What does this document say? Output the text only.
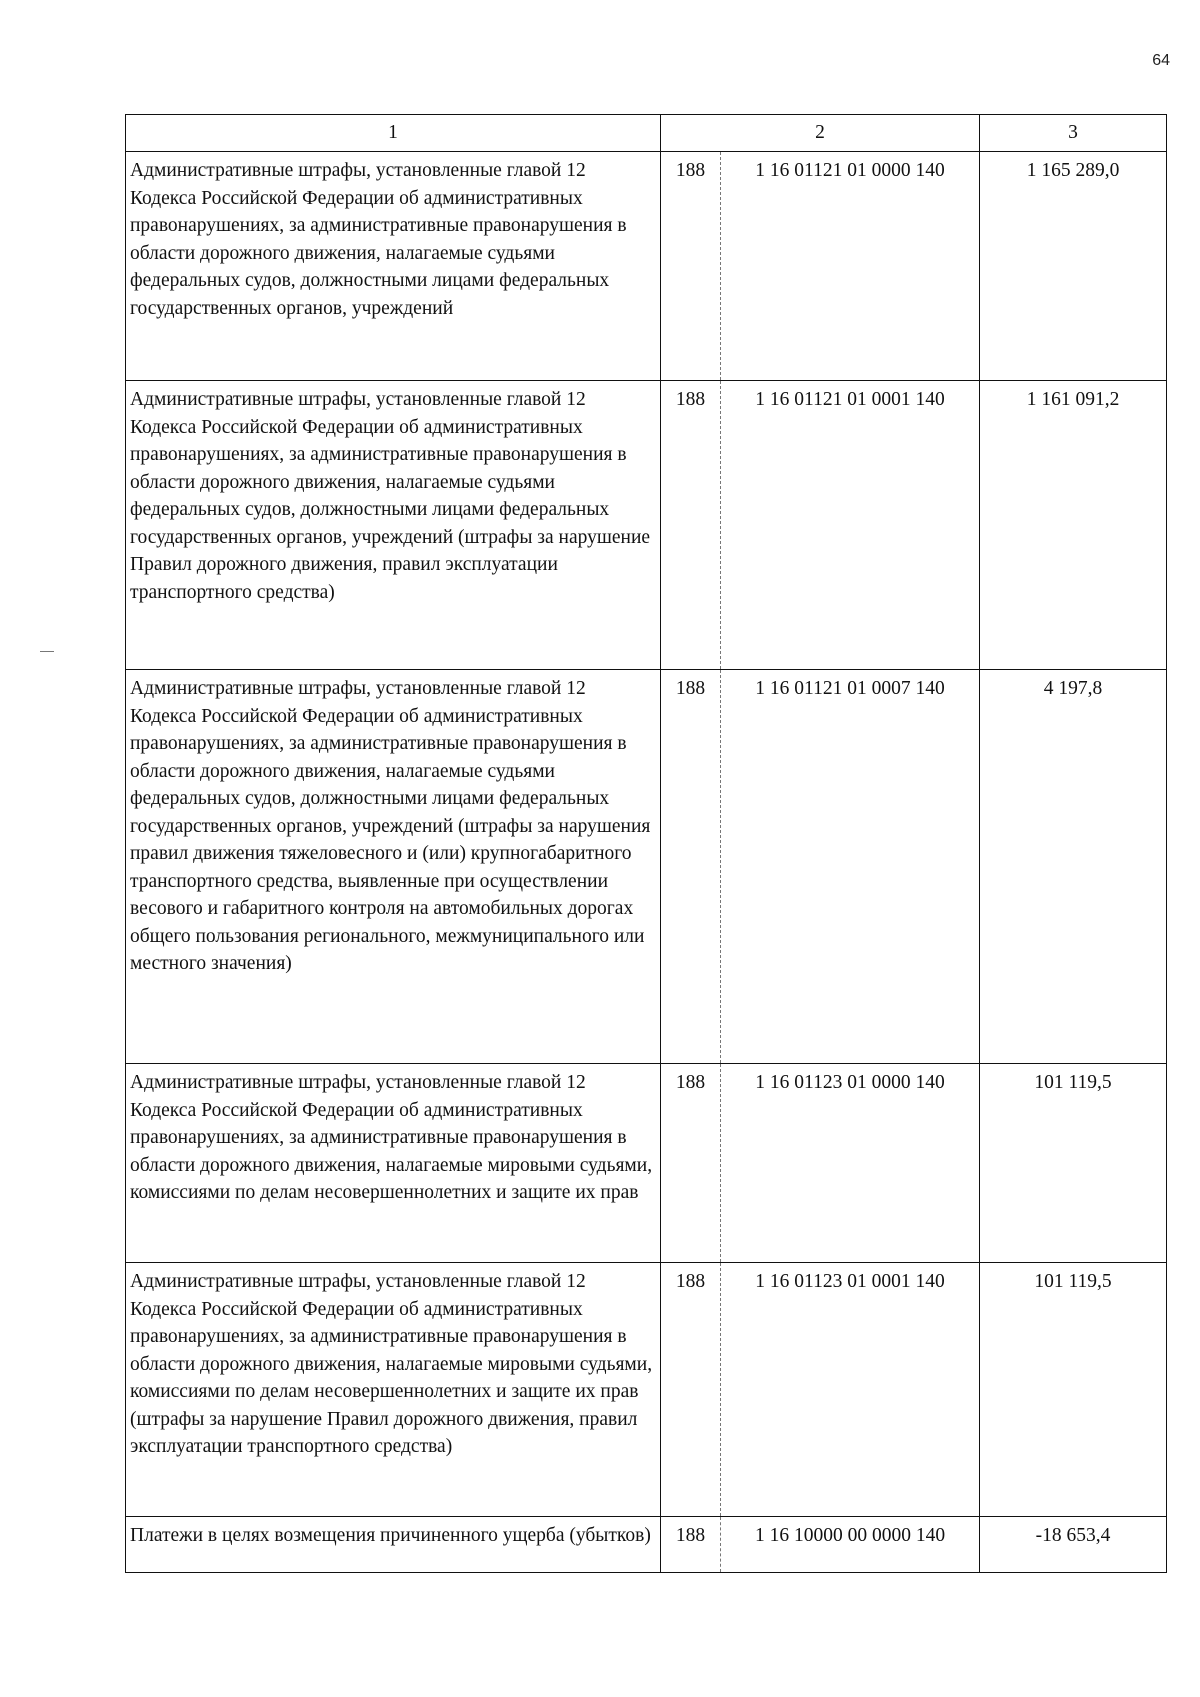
64
1	2		3
Административные штрафы, установленные главой 12 Кодекса Российской Федерации об административных правонарушениях, за административные правонарушения в области дорожного движения, налагаемые судьями федеральных судов, должностными лицами федеральных государственных органов, учреждений	188	1 16 01121 01 0000 140	1 165 289,0
Административные штрафы, установленные главой 12 Кодекса Российской Федерации об административных правонарушениях, за административные правонарушения в области дорожного движения, налагаемые судьями федеральных судов, должностными лицами федеральных государственных органов, учреждений (штрафы за нарушение Правил дорожного движения, правил эксплуатации транспортного средства)	188	1 16 01121 01 0001 140	1 161 091,2
Административные штрафы, установленные главой 12 Кодекса Российской Федерации об административных правонарушениях, за административные правонарушения в области дорожного движения, налагаемые судьями федеральных судов, должностными лицами федеральных государственных органов, учреждений (штрафы за нарушения правил движения тяжеловесного и (или) крупногабаритного транспортного средства, выявленные при осуществлении весового и габаритного контроля на автомобильных дорогах общего пользования регионального, межмуниципального или местного значения)	188	1 16 01121 01 0007 140	4 197,8
Административные штрафы, установленные главой 12 Кодекса Российской Федерации об административных правонарушениях, за административные правонарушения в области дорожного движения, налагаемые мировыми судьями, комиссиями по делам несовершеннолетних и защите их прав	188	1 16 01123 01 0000 140	101 119,5
Административные штрафы, установленные главой 12 Кодекса Российской Федерации об административных правонарушениях, за административные правонарушения в области дорожного движения, налагаемые мировыми судьями, комиссиями по делам несовершеннолетних и защите их прав (штрафы за нарушение Правил дорожного движения, правил эксплуатации транспортного средства)	188	1 16 01123 01 0001 140	101 119,5
Платежи в целях возмещения причиненного ущерба (убытков)	188	1 16 10000 00 0000 140	-18 653,4
